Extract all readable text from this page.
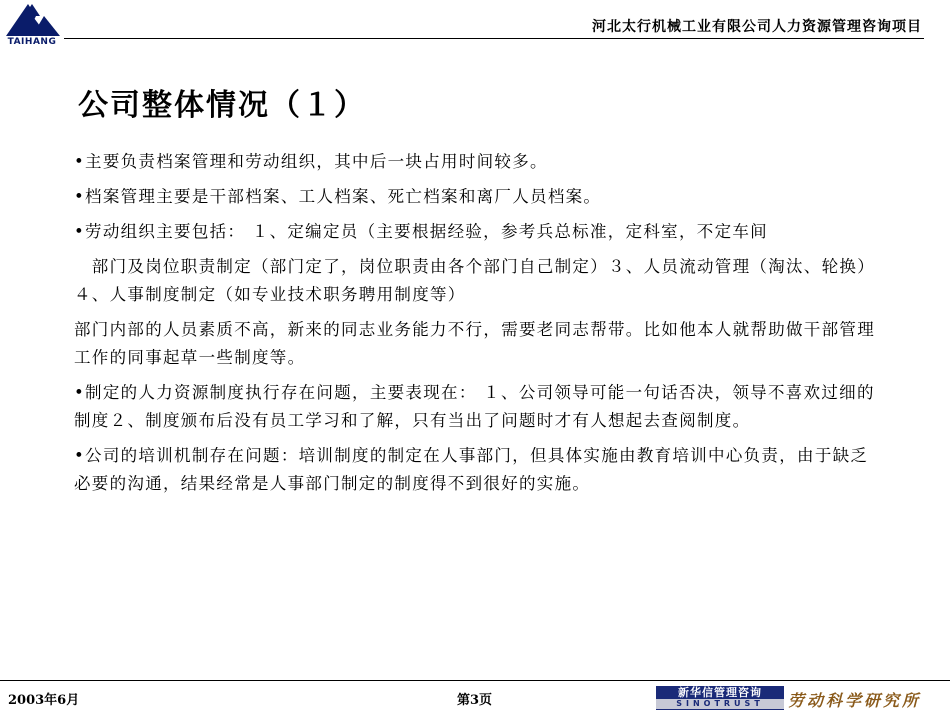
TAIHANG
河北太行机械工业有限公司人力资源管理咨询项目
公司整体情况（１）

•主要负责档案管理和劳动组织，其中后一块占用时间较多。

•档案管理主要是干部档案、工人档案、死亡档案和离厂人员档案。

•劳动组织主要包括： １、定编定员（主要根据经验，参考兵总标准，定科室，不定车间

　部门及岗位职责制定（部门定了，岗位职责由各个部门自己制定）３、人员流动管理（淘汰、轮换）４、人事制度制定（如专业技术职务聘用制度等）

部门内部的人员素质不高，新来的同志业务能力不行，需要老同志帮带。比如他本人就帮助做干部管理工作的同事起草一些制度等。

•制定的人力资源制度执行存在问题，主要表现在： １、公司领导可能一句话否决，领导不喜欢过细的制度２、制度颁布后没有员工学习和了解，只有当出了问题时才有人想起去查阅制度。

•公司的培训机制存在问题：培训制度的制定在人事部门，但具体实施由教育培训中心负责，由于缺乏必要的沟通，结果经常是人事部门制定的制度得不到很好的实施。

2003年6月	第3页
新华信管理咨询
SINOTRUST	劳动科学研究所
